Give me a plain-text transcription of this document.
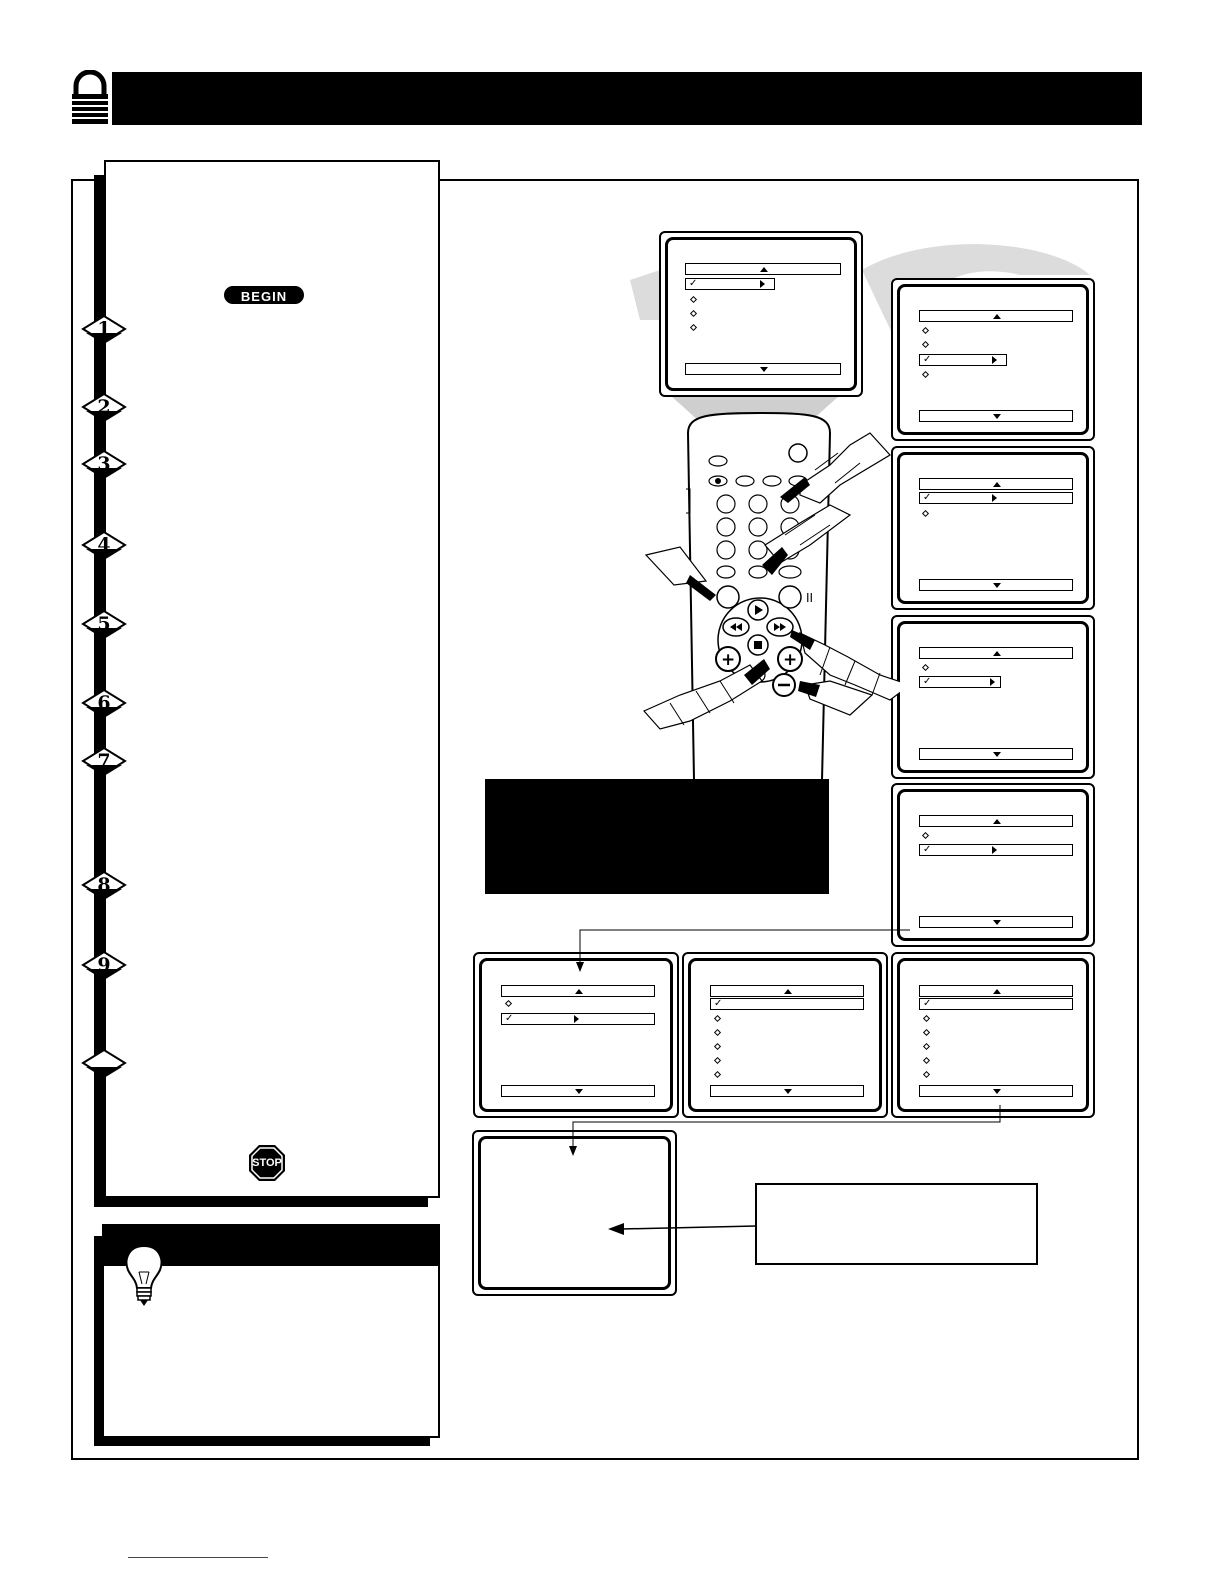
BEGIN
1
2
3
4
5
6
7
8
9
STOP
✓
✓
✓
✓
✓
✓
✓	✓
II
+	+
